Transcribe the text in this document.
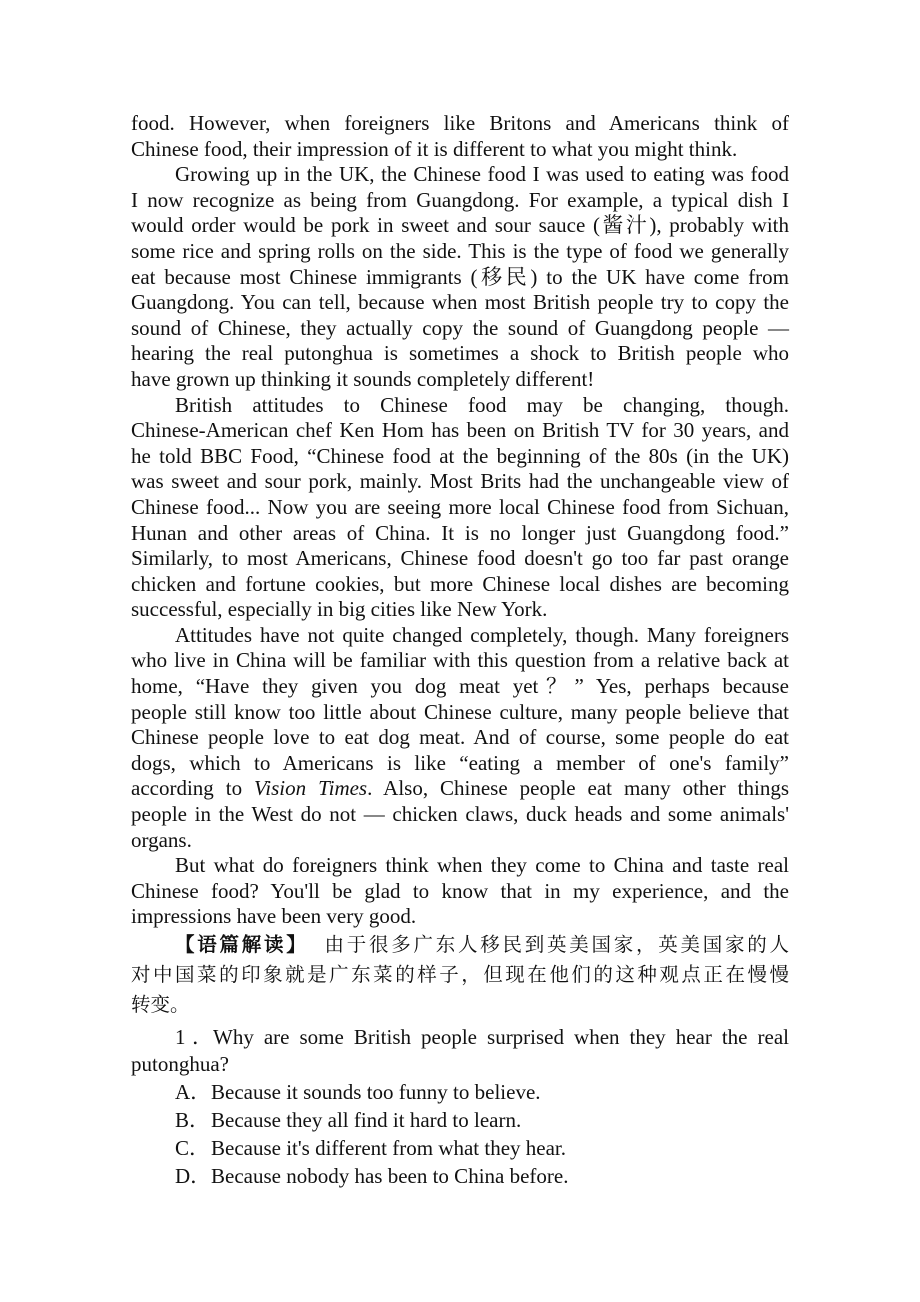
food. However, when foreigners like Britons and Americans think of
Chinese food, their impression of it is different to what you might think.
Growing up in the UK, the Chinese food I was used to eating was food
I now recognize as being from Guangdong. For example, a typical dish I
would order would be pork in sweet and sour sauce (酱汁), probably with
some rice and spring rolls on the side. This is the type of food we generally
eat because most Chinese immigrants (移民) to the UK have come from
Guangdong. You can tell, because when most British people try to copy the
sound of Chinese, they actually copy the sound of Guangdong people —
hearing the real putonghua is sometimes a shock to British people who
have grown up thinking it sounds completely different!
British attitudes to Chinese food may be changing, though.
Chinese-American chef Ken Hom has been on British TV for 30 years, and
he told BBC Food, “Chinese food at the beginning of the 80s (in the UK)
was sweet and sour pork, mainly. Most Brits had the unchangeable view of
Chinese food... Now you are seeing more local Chinese food from Sichuan,
Hunan and other areas of China. It is no longer just Guangdong food.”
Similarly, to most Americans, Chinese food doesn't go too far past orange
chicken and fortune cookies, but more Chinese local dishes are becoming
successful, especially in big cities like New York.
Attitudes have not quite changed completely, though. Many foreigners
who live in China will be familiar with this question from a relative back at
home, “Have they given you dog meat yet？” Yes, perhaps because
people still know too little about Chinese culture, many people believe that
Chinese people love to eat dog meat. And of course, some people do eat
dogs, which to Americans is like “eating a member of one's family”
according to Vision Times. Also, Chinese people eat many other things
people in the West do not — chicken claws, duck heads and some animals'
organs.
But what do foreigners think when they come to China and taste real
Chinese food? You'll be glad to know that in my experience, and the
impressions have been very good.
【语篇解读】 由于很多广东人移民到英美国家，英美国家的人
对中国菜的印象就是广东菜的样子，但现在他们的这种观点正在慢慢
转变。
1．Why are some British people surprised when they hear the real
putonghua?
A．Because it sounds too funny to believe.
B．Because they all find it hard to learn.
C．Because it's different from what they hear.
D．Because nobody has been to China before.
